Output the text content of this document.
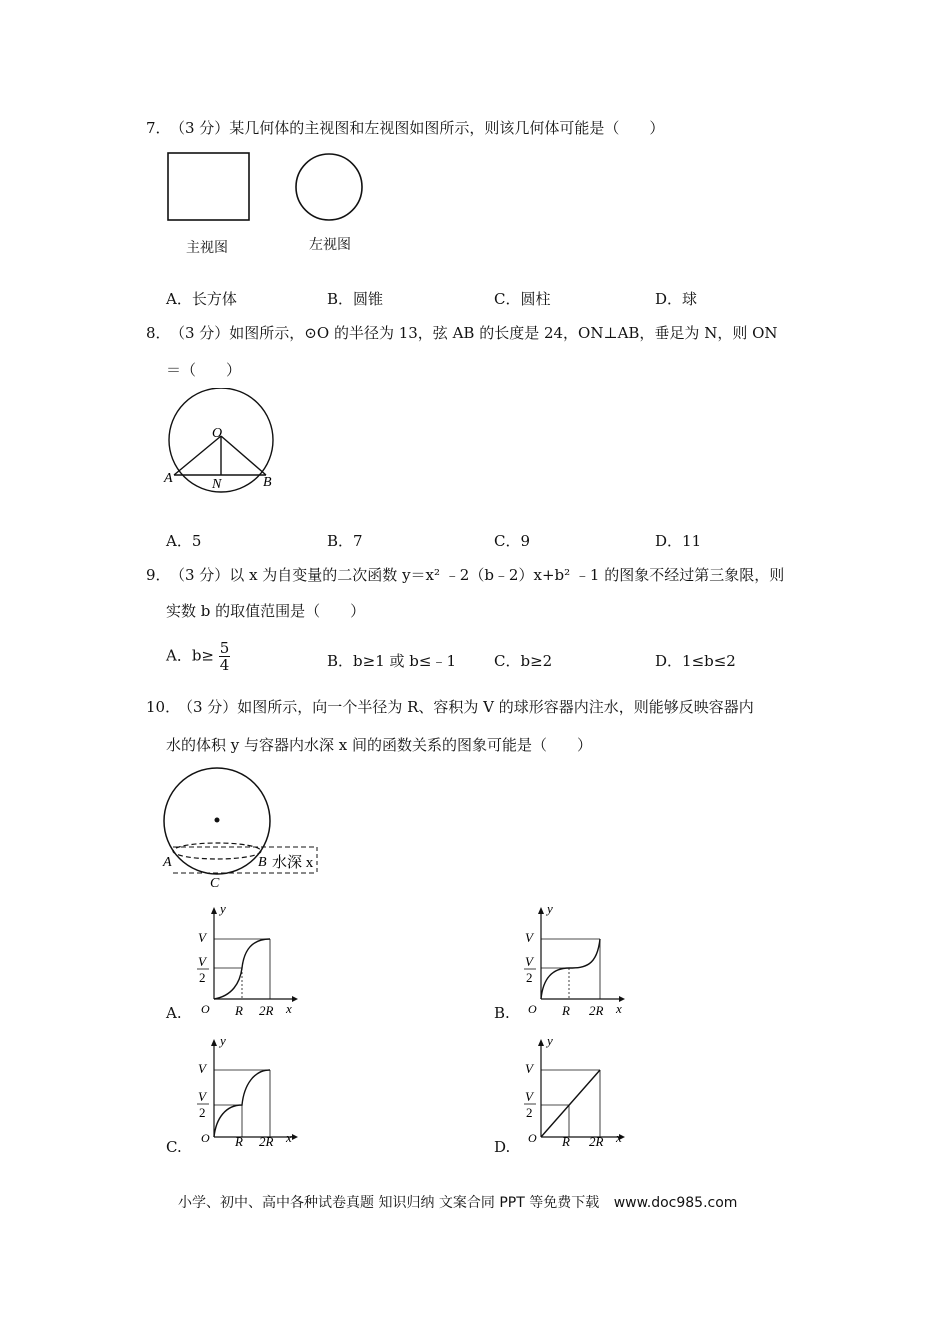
7． （3 分）某几何体的主视图和左视图如图所示，则该几何体可能是（　　）
主视图	左视图
A．长方体	B．圆锥	C．圆柱	D．球
8． （3 分）如图所示，⊙O 的半径为 13，弦 AB 的长度是 24，ON⊥AB，垂足为 N，则 ON
＝（　　）
O
A	N	B
A．5	B．7	C．9	D．11
9． （3 分）以 x 为自变量的二次函数 y＝x² ﹣2（b﹣2）x+b² ﹣1 的图象不经过第三象限，则
实数 b 的取值范围是（　　）
A．$b\ge \frac{5}{4}$	B．b≥1 或 b≤﹣1	C．b≥2	D．1≤b≤2
10．
（3 分）如图所示，向一个半径为 R、容积为 V 的球形容器内注水，则能够反映容器内
水的体积 y 与容器内水深 x 间的函数关系的图象可能是（　　）
A	B
C
水深 x
y
x
O
V
V
2
R 2R
A.
y
x
O
V
V
2
R 2R
B.
y
x
O
V
V
2
R 2R
C.
y
x
O
V
V
2
R 2R
D.
小学、初中、高中各种试卷真题 知识归纳 文案合同 PPT 等免费下载 www.doc985.com
